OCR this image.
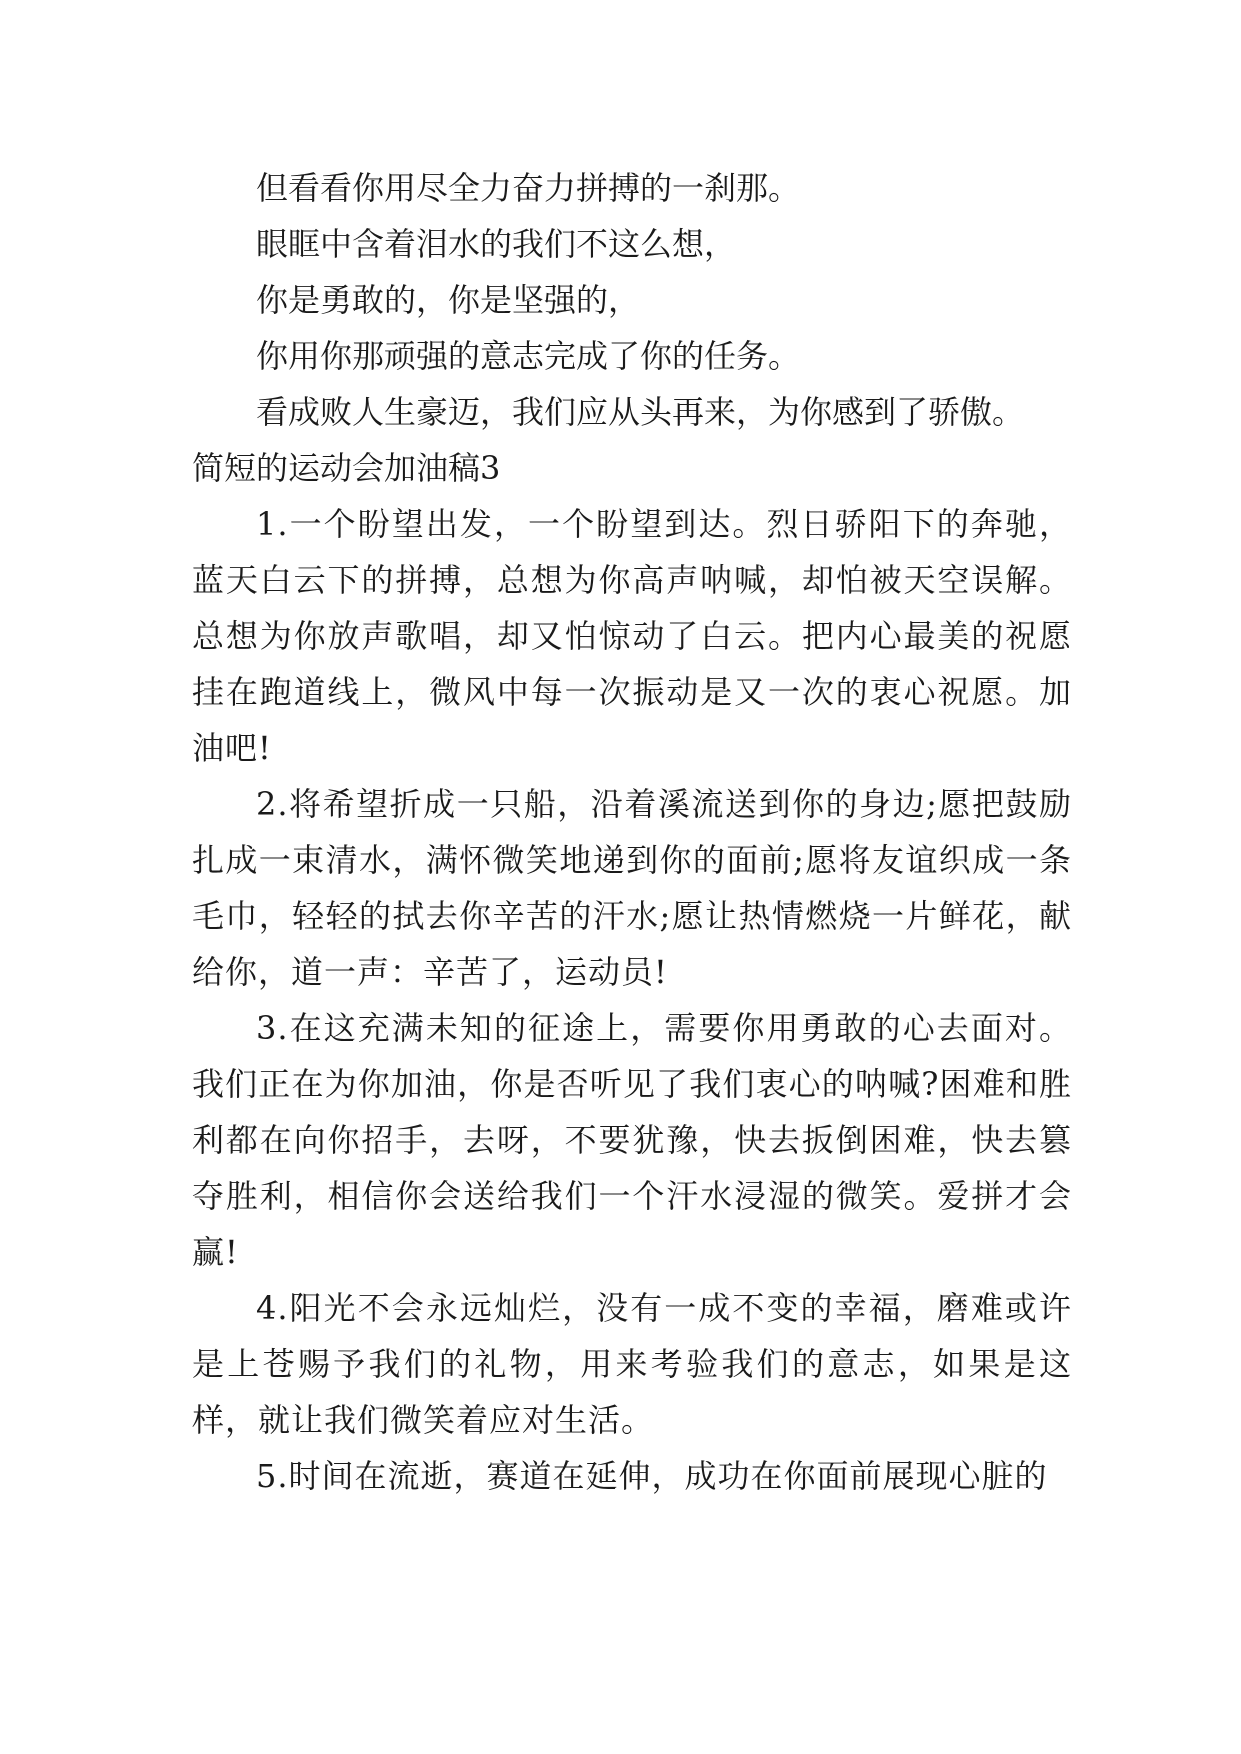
但看看你用尽全力奋力拼搏的一刹那。

眼眶中含着泪水的我们不这么想，

你是勇敢的，你是坚强的，

你用你那顽强的意志完成了你的任务。

看成败人生豪迈，我们应从头再来，为你感到了骄傲。

简短的运动会加油稿3

1.一个盼望出发，一个盼望到达。烈日骄阳下的奔驰，蓝天白云下的拼搏，总想为你高声呐喊，却怕被天空误解。总想为你放声歌唱，却又怕惊动了白云。把内心最美的祝愿挂在跑道线上，微风中每一次振动是又一次的衷心祝愿。加油吧!

2.将希望折成一只船，沿着溪流送到你的身边;愿把鼓励扎成一束清水，满怀微笑地递到你的面前;愿将友谊织成一条毛巾，轻轻的拭去你辛苦的汗水;愿让热情燃烧一片鲜花，献给你，道一声：辛苦了，运动员!

3.在这充满未知的征途上，需要你用勇敢的心去面对。我们正在为你加油，你是否听见了我们衷心的呐喊?困难和胜利都在向你招手，去呀，不要犹豫，快去扳倒困难，快去篡夺胜利，相信你会送给我们一个汗水浸湿的微笑。爱拼才会赢!

4.阳光不会永远灿烂，没有一成不变的幸福，磨难或许是上苍赐予我们的礼物，用来考验我们的意志，如果是这样，就让我们微笑着应对生活。

5.时间在流逝，赛道在延伸，成功在你面前展现心脏的
